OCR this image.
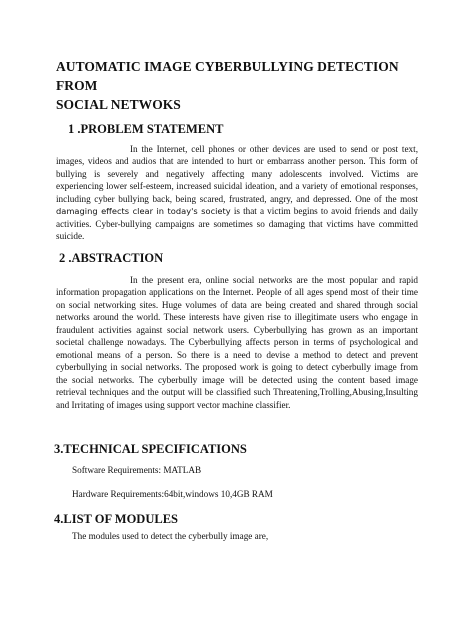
AUTOMATIC IMAGE CYBERBULLYING DETECTION FROM
SOCIAL NETWOKS
1 .PROBLEM STATEMENT
In the Internet, cell phones or other devices are used to send or post text,
images, videos and audios that are intended to hurt or embarrass another person. This form of
bullying is severely and negatively affecting many adolescents involved. Victims are
experiencing lower self-esteem, increased suicidal ideation, and a variety of emotional responses,
including cyber bullying back, being scared, frustrated, angry, and depressed. One of the most
damaging effects clear in today's society is that a victim begins to avoid friends and daily
activities. Cyber-bullying campaigns are sometimes so damaging that victims have committed
suicide.
2 .ABSTRACTION
In the present era, online social networks are the most popular and rapid
information propagation applications on the Internet. People of all ages spend most of their time
on social networking sites. Huge volumes of data are being created and shared through social
networks around the world. These interests have given rise to illegitimate users who engage in
fraudulent activities against social network users. Cyberbullying has grown as an important
societal challenge nowadays. The Cyberbullying affects person in terms of psychological and
emotional means of a person. So there is a need to devise a method to detect and prevent
cyberbullying in social networks. The proposed work is going to detect cyberbully image from
the social networks. The cyberbully image will be detected using the content based image
retrieval techniques and the output will be classified such Threatening,Trolling,Abusing,Insulting
and Irritating of images using support vector machine classifier.
3.TECHNICAL SPECIFICATIONS
Software Requirements: MATLAB
Hardware Requirements:64bit,windows 10,4GB RAM
4.LIST OF MODULES
The modules used to detect the cyberbully image are,
